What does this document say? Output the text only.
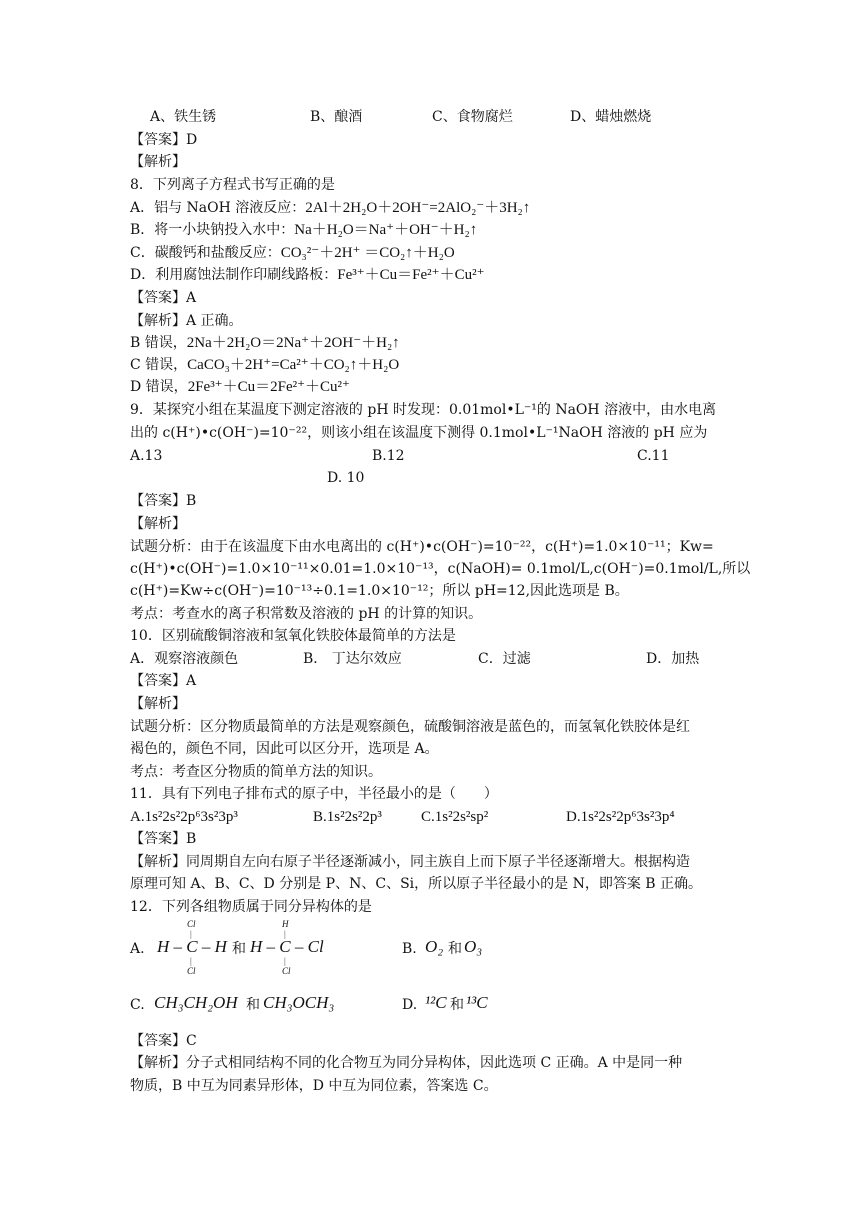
A、铁生锈	B、酿酒	C、食物腐烂	D、蜡烛燃烧
【答案】D
【解析】
8．下列离子方程式书写正确的是
A．铝与 NaOH 溶液反应：2Al＋2H₂O＋2OH⁻=2AlO₂⁻＋3H₂↑
B．将一小块钠投入水中：Na＋H₂O＝Na⁺＋OH⁻＋H₂↑
C．碳酸钙和盐酸反应：CO₃²⁻＋2H⁺ ＝CO₂↑＋H₂O
D．利用腐蚀法制作印刷线路板：Fe³⁺＋Cu＝Fe²⁺＋Cu²⁺
【答案】A
【解析】A 正确。
B 错误，2Na＋2H₂O＝2Na⁺＋2OH⁻＋H₂↑
C 错误，CaCO₃＋2H⁺=Ca²⁺＋CO₂↑＋H₂O
D 错误，2Fe³⁺＋Cu＝2Fe²⁺＋Cu²⁺
9．某探究小组在某温度下测定溶液的 pH 时发现：0.01mol•L⁻¹的 NaOH 溶液中，由水电离
出的 c(H⁺)•c(OH⁻)=10⁻²²，则该小组在该温度下测得 0.1mol•L⁻¹NaOH 溶液的 pH 应为
A.13	B.12	C.11
D. 10
【答案】B
【解析】
试题分析：由于在该温度下由水电离出的 c(H⁺)•c(OH⁻)=10⁻²²，c(H⁺)=1.0×10⁻¹¹；Kw=
c(H⁺)•c(OH⁻)=1.0×10⁻¹¹×0.01=1.0×10⁻¹³，c(NaOH)= 0.1mol/L,c(OH⁻)=0.1mol/L,所以
c(H⁺)=Kw÷c(OH⁻)=10⁻¹³÷0.1=1.0×10⁻¹²；所以 pH=12,因此选项是 B。
考点：考查水的离子积常数及溶液的 pH 的计算的知识。
10．区别硫酸铜溶液和氢氧化铁胶体最简单的方法是
A．观察溶液颜色	B． 丁达尔效应	C．过滤	D．加热
【答案】A
【解析】
试题分析：区分物质最简单的方法是观察颜色，硫酸铜溶液是蓝色的，而氢氧化铁胶体是红
褐色的，颜色不同，因此可以区分开，选项是 A。
考点：考查区分物质的简单方法的知识。
11．具有下列电子排布式的原子中，半径最小的是（　　）
A.1s²2s²2p⁶3s²3p³	B.1s²2s²2p³	C.1s²2s²sp²	D.1s²2s²2p⁶3s²3p⁴
【答案】B
【解析】同周期自左向右原子半径逐渐减小，同主族自上而下原子半径逐渐增大。根据构造
原理可知 A、B、C、D 分别是 P、N、C、Si，所以原子半径最小的是 N，即答案 B 正确。
12．下列各组物质属于同分异构体的是
A.
Cl
|
H – C – H
|
Cl
和
H
|
H – C – Cl
|
Cl
B. O₂ 和 O₃
C. CH₃CH₂OH 和 CH₃OCH₃	D. ¹²C 和 ¹³C
【答案】C
【解析】分子式相同结构不同的化合物互为同分异构体，因此选项 C 正确。A 中是同一种
物质，B 中互为同素异形体，D 中互为同位素，答案选 C。
